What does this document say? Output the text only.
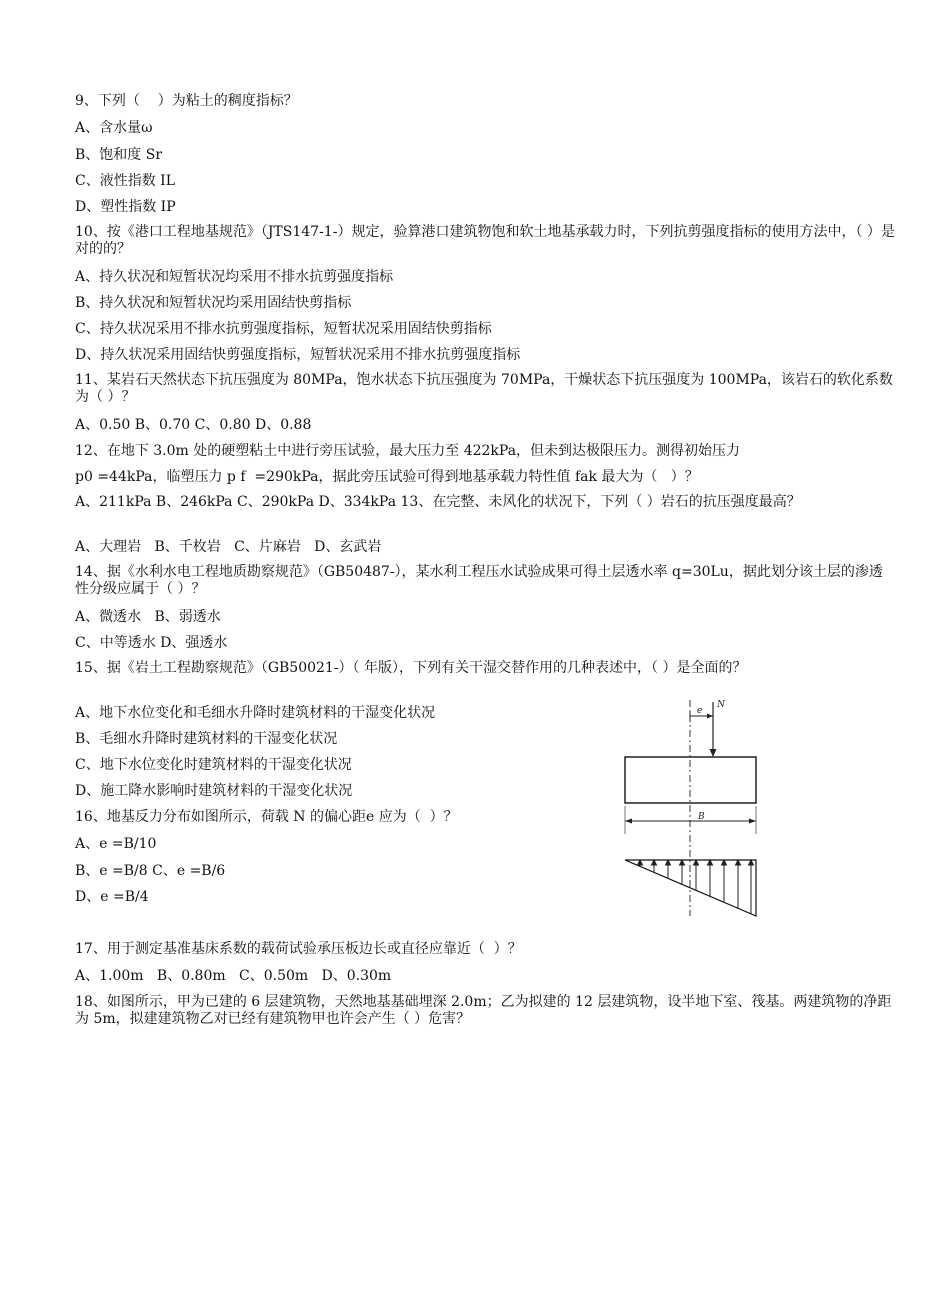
9、下列（    ）为粘土的稠度指标？
A、含水量ω
B、饱和度 Sr
C、液性指数 IL
D、塑性指数 IP
10、按《港口工程地基规范》（JTS147-1-）规定，验算港口建筑物饱和软土地基承载力时，下列抗剪强度指标的使用方法中，（ ）是对的的？
A、持久状况和短暂状况均采用不排水抗剪强度指标
B、持久状况和短暂状况均采用固结快剪指标
C、持久状况采用不排水抗剪强度指标，短暂状况采用固结快剪指标
D、持久状况采用固结快剪强度指标，短暂状况采用不排水抗剪强度指标
11、某岩石天然状态下抗压强度为 80MPa，饱水状态下抗压强度为 70MPa，干燥状态下抗压强度为 100MPa，该岩石的软化系数为（ ）？
A、0.50 B、0.70 C、0.80 D、0.88
12、在地下 3.0m 处的硬塑粘土中进行旁压试验，最大压力至 422kPa，但未到达极限压力。测得初始压力
p0 =44kPa，临塑压力 p f  =290kPa，据此旁压试验可得到地基承载力特性值 fak 最大为（   ）？
A、211kPa B、246kPa C、290kPa D、334kPa 13、在完整、未风化的状况下，下列（ ）岩石的抗压强度最高？
A、大理岩   B、千枚岩   C、片麻岩   D、玄武岩
14、据《水利水电工程地质勘察规范》（GB50487-），某水利工程压水试验成果可得土层透水率 q=30Lu，据此划分该土层的渗透性分级应属于（ ）？
A、微透水   B、弱透水
C、中等透水 D、强透水
15、据《岩土工程勘察规范》（GB50021-）（ 年版），下列有关干湿交替作用的几种表述中，（ ）是全面的？
A、地下水位变化和毛细水升降时建筑材料的干湿变化状况
B、毛细水升降时建筑材料的干湿变化状况
C、地下水位变化时建筑材料的干湿变化状况
D、施工降水影响时建筑材料的干湿变化状况
16、地基反力分布如图所示，荷载 N 的偏心距e 应为（  ）？
A、e =B/10
B、e =B/8 C、e =B/6
D、e =B/4
e
N
B
17、用于测定基准基床系数的载荷试验承压板边长或直径应靠近（  ）？
A、1.00m   B、0.80m   C、0.50m   D、0.30m
18、如图所示，甲为已建的 6 层建筑物，天然地基基础埋深 2.0m；乙为拟建的 12 层建筑物，设半地下室、筏基。两建筑物的净距为 5m，拟建建筑物乙对已经有建筑物甲也许会产生（ ）危害？
